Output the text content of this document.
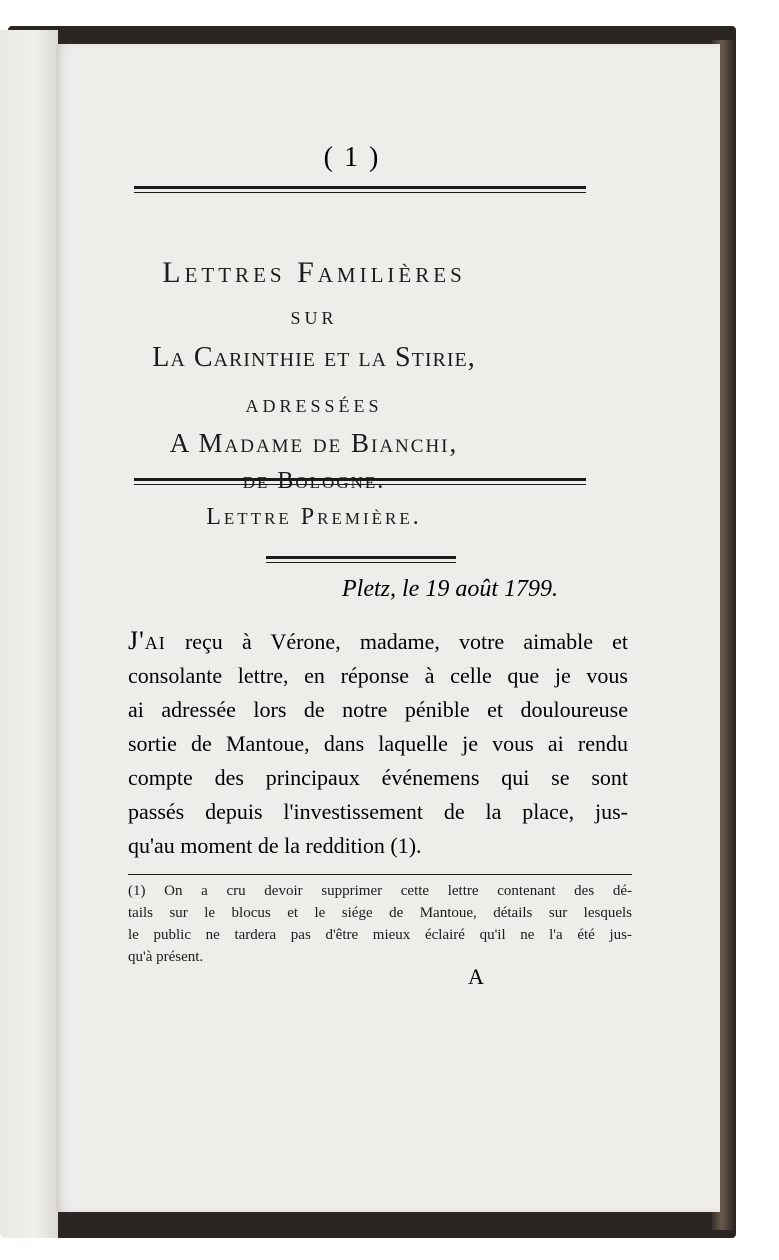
( 1 )
Lettres Familières
SUR
La Carinthie et la Stirie,
ADRESSÉES
A Madame de Bianchi,
de Bologne.
Lettre Première.
Pletz, le 19 août 1799.
J'ai reçu à Vérone, madame, votre aimable et
consolante lettre, en réponse à celle que je vous
ai adressée lors de notre pénible et douloureuse
sortie de Mantoue, dans laquelle je vous ai rendu
compte des principaux événemens qui se sont
passés depuis l'investissement de la place, jus-
qu'au moment de la reddition (1).
(1) On a cru devoir supprimer cette lettre contenant des dé-
tails sur le blocus et le siége de Mantoue, détails sur lesquels
le public ne tardera pas d'être mieux éclairé qu'il ne l'a été jus-
qu'à présent.
A
